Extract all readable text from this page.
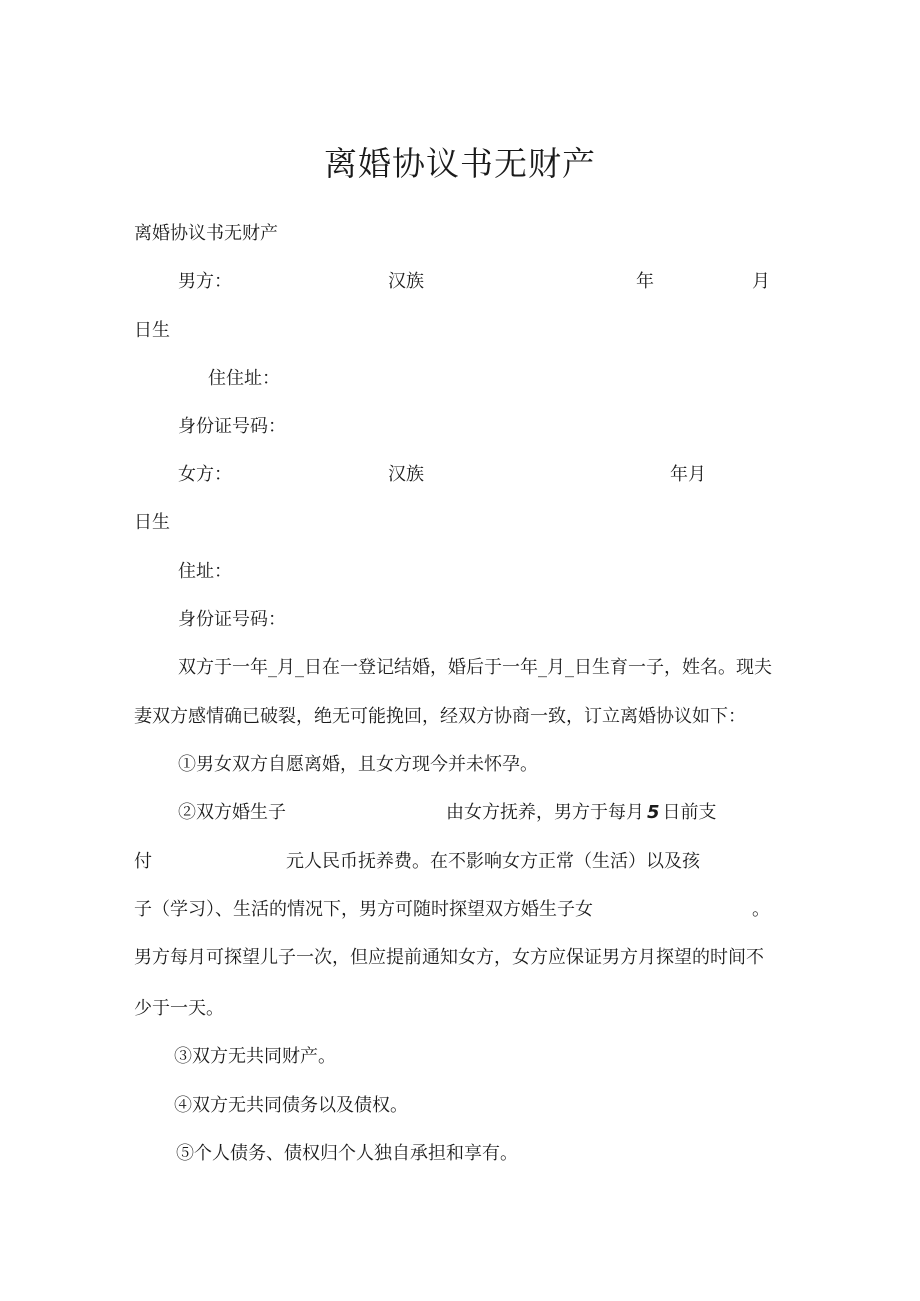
离婚协议书无财产
离婚协议书无财产
男方：	汉族	年	月
日生
住住址：
身份证号码：
女方：	汉族	年月
日生
住址：
身份证号码：
双方于一年_月_日在一登记结婚，婚后于一年_月_日生育一子，姓名。现夫
妻双方感情确已破裂，绝无可能挽回，经双方协商一致，订立离婚协议如下：
①男女双方自愿离婚，且女方现今并未怀孕。
②双方婚生子	由女方抚养，男方于每月 5 日前支
付	元人民币抚养费。在不影响女方正常（生活）以及孩
子（学习）、生活的情况下，男方可随时探望双方婚生子女	。
男方每月可探望儿子一次，但应提前通知女方，女方应保证男方月探望的时间不
少于一天。
③双方无共同财产。
④双方无共同债务以及债权。
⑤个人债务、债权归个人独自承担和享有。
